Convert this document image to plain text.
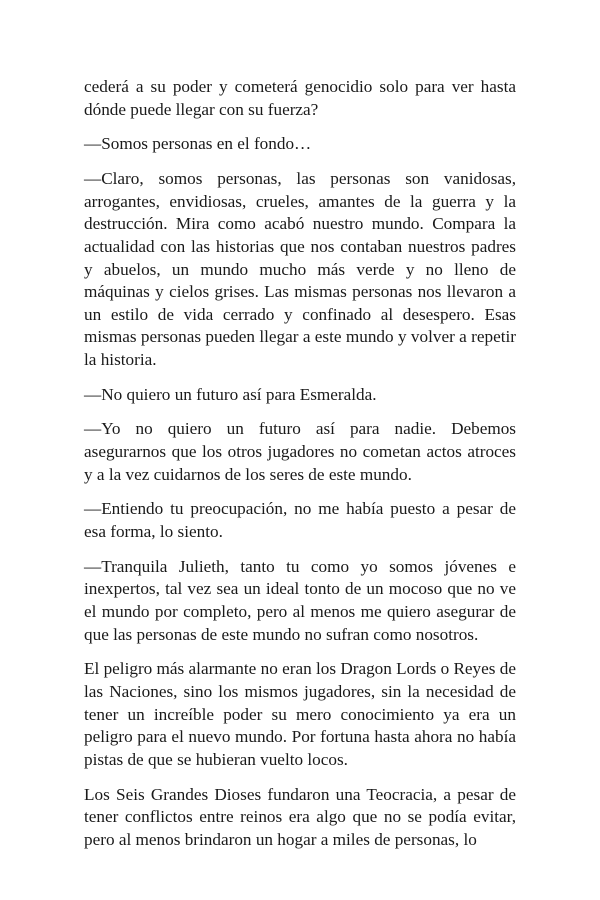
cederá a su poder y cometerá genocidio solo para ver hasta dónde puede llegar con su fuerza?

—Somos personas en el fondo…

—Claro, somos personas, las personas son vanidosas, arrogantes, envidiosas, crueles, amantes de la guerra y la destrucción. Mira como acabó nuestro mundo. Compara la actualidad con las historias que nos contaban nuestros padres y abuelos, un mundo mucho más verde y no lleno de máquinas y cielos grises. Las mismas personas nos llevaron a un estilo de vida cerrado y confinado al desespero. Esas mismas personas pueden llegar a este mundo y volver a repetir la historia.

—No quiero un futuro así para Esmeralda.

—Yo no quiero un futuro así para nadie. Debemos asegurarnos que los otros jugadores no cometan actos atroces y a la vez cuidarnos de los seres de este mundo.

—Entiendo tu preocupación, no me había puesto a pesar de esa forma, lo siento.

—Tranquila Julieth, tanto tu como yo somos jóvenes e inexpertos, tal vez sea un ideal tonto de un mocoso que no ve el mundo por completo, pero al menos me quiero asegurar de que las personas de este mundo no sufran como nosotros.

El peligro más alarmante no eran los Dragon Lords o Reyes de las Naciones, sino los mismos jugadores, sin la necesidad de tener un increíble poder su mero conocimiento ya era un peligro para el nuevo mundo. Por fortuna hasta ahora no había pistas de que se hubieran vuelto locos.

Los Seis Grandes Dioses fundaron una Teocracia, a pesar de tener conflictos entre reinos era algo que no se podía evitar, pero al menos brindaron un hogar a miles de personas, lo
